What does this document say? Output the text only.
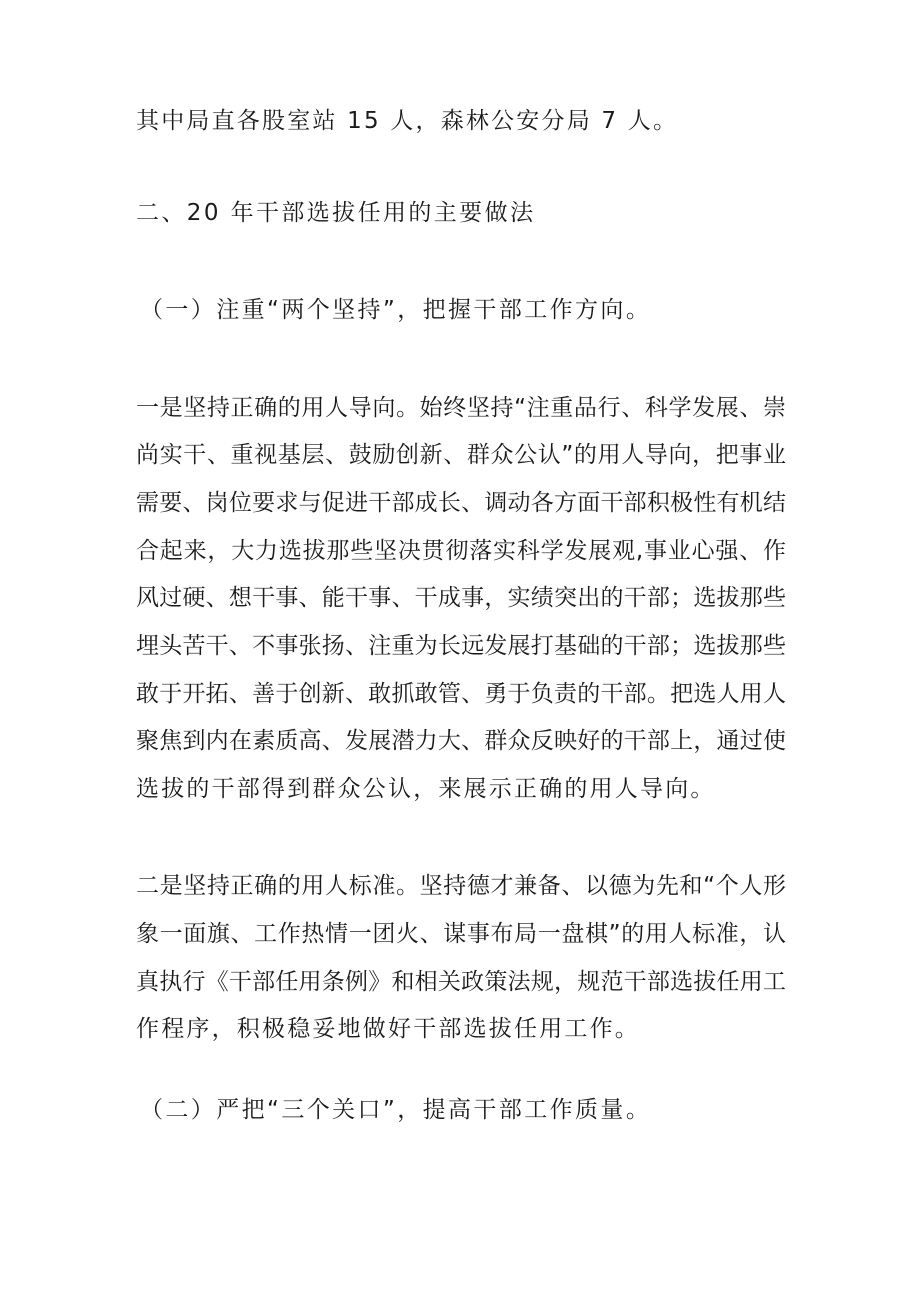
其中局直各股室站 15 人，森林公安分局 7 人。
二、20 年干部选拔任用的主要做法
（一）注重“两个坚持”，把握干部工作方向。
一是坚持正确的用人导向。始终坚持“注重品行、科学发展、崇
尚实干、重视基层、鼓励创新、群众公认”的用人导向，把事业
需要、岗位要求与促进干部成长、调动各方面干部积极性有机结
合起来，大力选拔那些坚决贯彻落实科学发展观,事业心强、作
风过硬、想干事、能干事、干成事，实绩突出的干部；选拔那些
埋头苦干、不事张扬、注重为长远发展打基础的干部；选拔那些
敢于开拓、善于创新、敢抓敢管、勇于负责的干部。把选人用人
聚焦到内在素质高、发展潜力大、群众反映好的干部上，通过使
选拔的干部得到群众公认，来展示正确的用人导向。
二是坚持正确的用人标准。坚持德才兼备、以德为先和“个人形
象一面旗、工作热情一团火、谋事布局一盘棋”的用人标准，认
真执行《干部任用条例》和相关政策法规，规范干部选拔任用工
作程序，积极稳妥地做好干部选拔任用工作。
（二）严把“三个关口”，提高干部工作质量。
